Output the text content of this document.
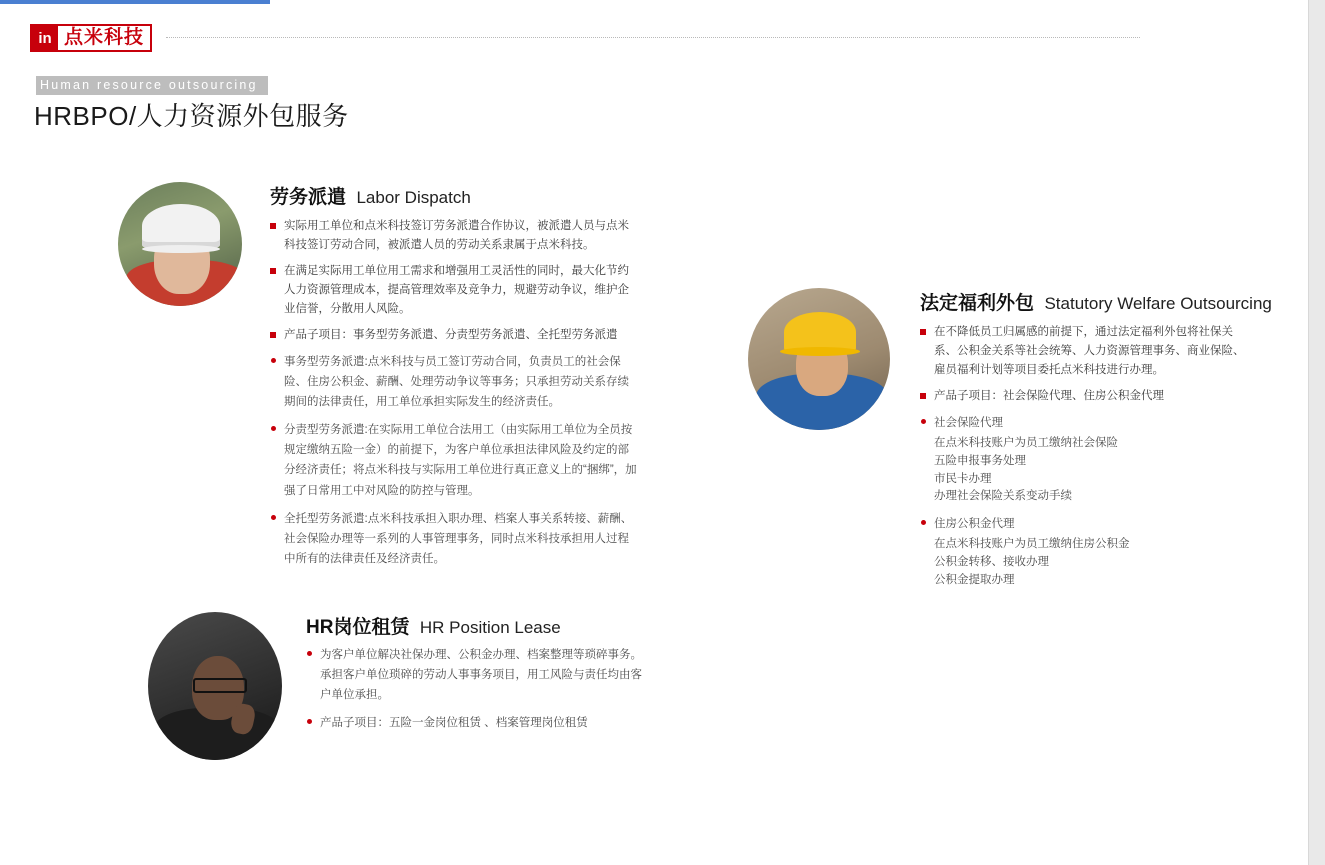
in 点米科技
Human resource outsourcing
HRBPO/人力资源外包服务
劳务派遣 Labor Dispatch
实际用工单位和点米科技签订劳务派遣合作协议，被派遣人员与点米科技签订劳动合同，被派遣人员的劳动关系隶属于点米科技。
在满足实际用工单位用工需求和增强用工灵活性的同时，最大化节约人力资源管理成本，提高管理效率及竞争力，规避劳动争议，维护企业信誉，分散用人风险。
产品子项目：事务型劳务派遣、分责型劳务派遣、全托型劳务派遣
事务型劳务派遣:点米科技与员工签订劳动合同，负责员工的社会保险、住房公积金、薪酬、处理劳动争议等事务；只承担劳动关系存续期间的法律责任，用工单位承担实际发生的经济责任。
分责型劳务派遣:在实际用工单位合法用工（由实际用工单位为全员按规定缴纳五险一金）的前提下，为客户单位承担法律风险及约定的部分经济责任；将点米科技与实际用工单位进行真正意义上的“捆绑”，加强了日常用工中对风险的防控与管理。
全托型劳务派遣:点米科技承担入职办理、档案人事关系转接、薪酬、社会保险办理等一系列的人事管理事务，同时点米科技承担用人过程中所有的法律责任及经济责任。
法定福利外包 Statutory Welfare Outsourcing
在不降低员工归属感的前提下，通过法定福利外包将社保关系、公积金关系等社会统筹、人力资源管理事务、商业保险、雇员福利计划等项目委托点米科技进行办理。
产品子项目：社会保险代理、住房公积金代理
社会保险代理
在点米科技账户为员工缴纳社会保险
五险申报事务处理
市民卡办理
办理社会保险关系变动手续
住房公积金代理
在点米科技账户为员工缴纳住房公积金
公积金转移、接收办理
公积金提取办理
HR岗位租赁 HR Position Lease
为客户单位解决社保办理、公积金办理、档案整理等琐碎事务。承担客户单位琐碎的劳动人事事务项目，用工风险与责任均由客户单位承担。
产品子项目：五险一金岗位租赁 、档案管理岗位租赁
